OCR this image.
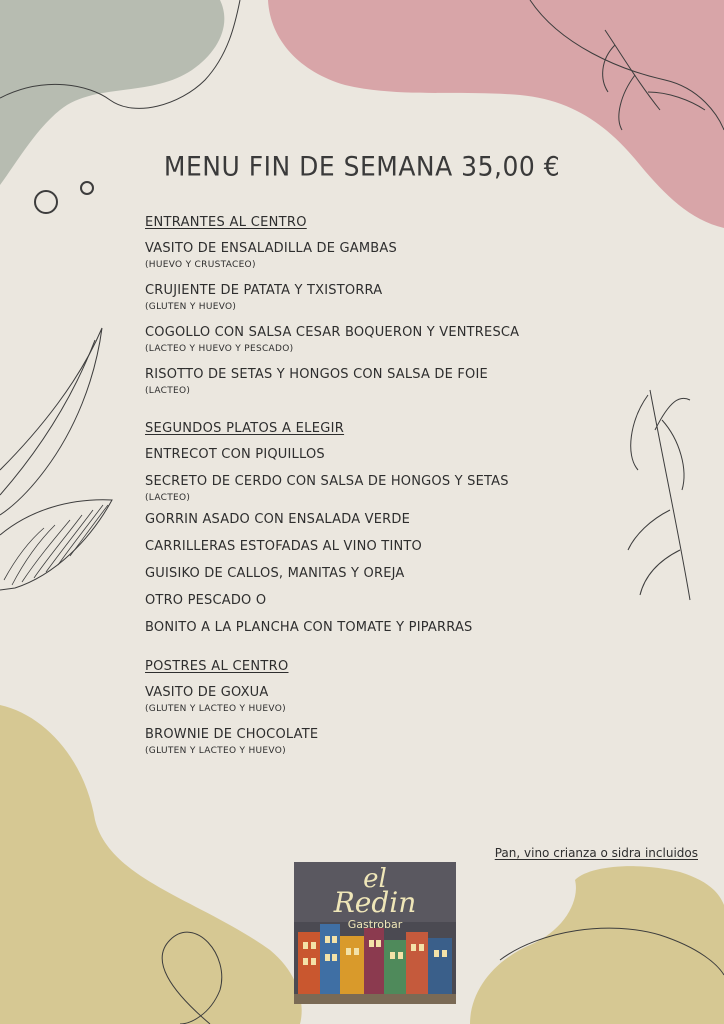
MENU FIN DE SEMANA 35,00 €
ENTRANTES AL CENTRO
VASITO DE ENSALADILLA DE GAMBAS
(HUEVO Y CRUSTACEO)
CRUJIENTE DE PATATA Y TXISTORRA
(GLUTEN Y HUEVO)
COGOLLO CON SALSA CESAR BOQUERON Y VENTRESCA
(LACTEO Y HUEVO Y PESCADO)
RISOTTO DE SETAS Y HONGOS CON SALSA DE FOIE
(LACTEO)
SEGUNDOS PLATOS A ELEGIR
ENTRECOT CON PIQUILLOS
SECRETO DE CERDO CON SALSA DE HONGOS Y SETAS
(LACTEO)
GORRIN ASADO CON ENSALADA VERDE
CARRILLERAS ESTOFADAS AL VINO TINTO
GUISIKO DE CALLOS, MANITAS Y OREJA
OTRO PESCADO O
BONITO A LA PLANCHA CON TOMATE Y PIPARRAS
POSTRES AL CENTRO
VASITO DE GOXUA
(GLUTEN Y LACTEO Y HUEVO)
BROWNIE DE CHOCOLATE
(GLUTEN Y LACTEO Y HUEVO)
Pan, vino crianza o sidra incluidos
el
Redin
Gastrobar
